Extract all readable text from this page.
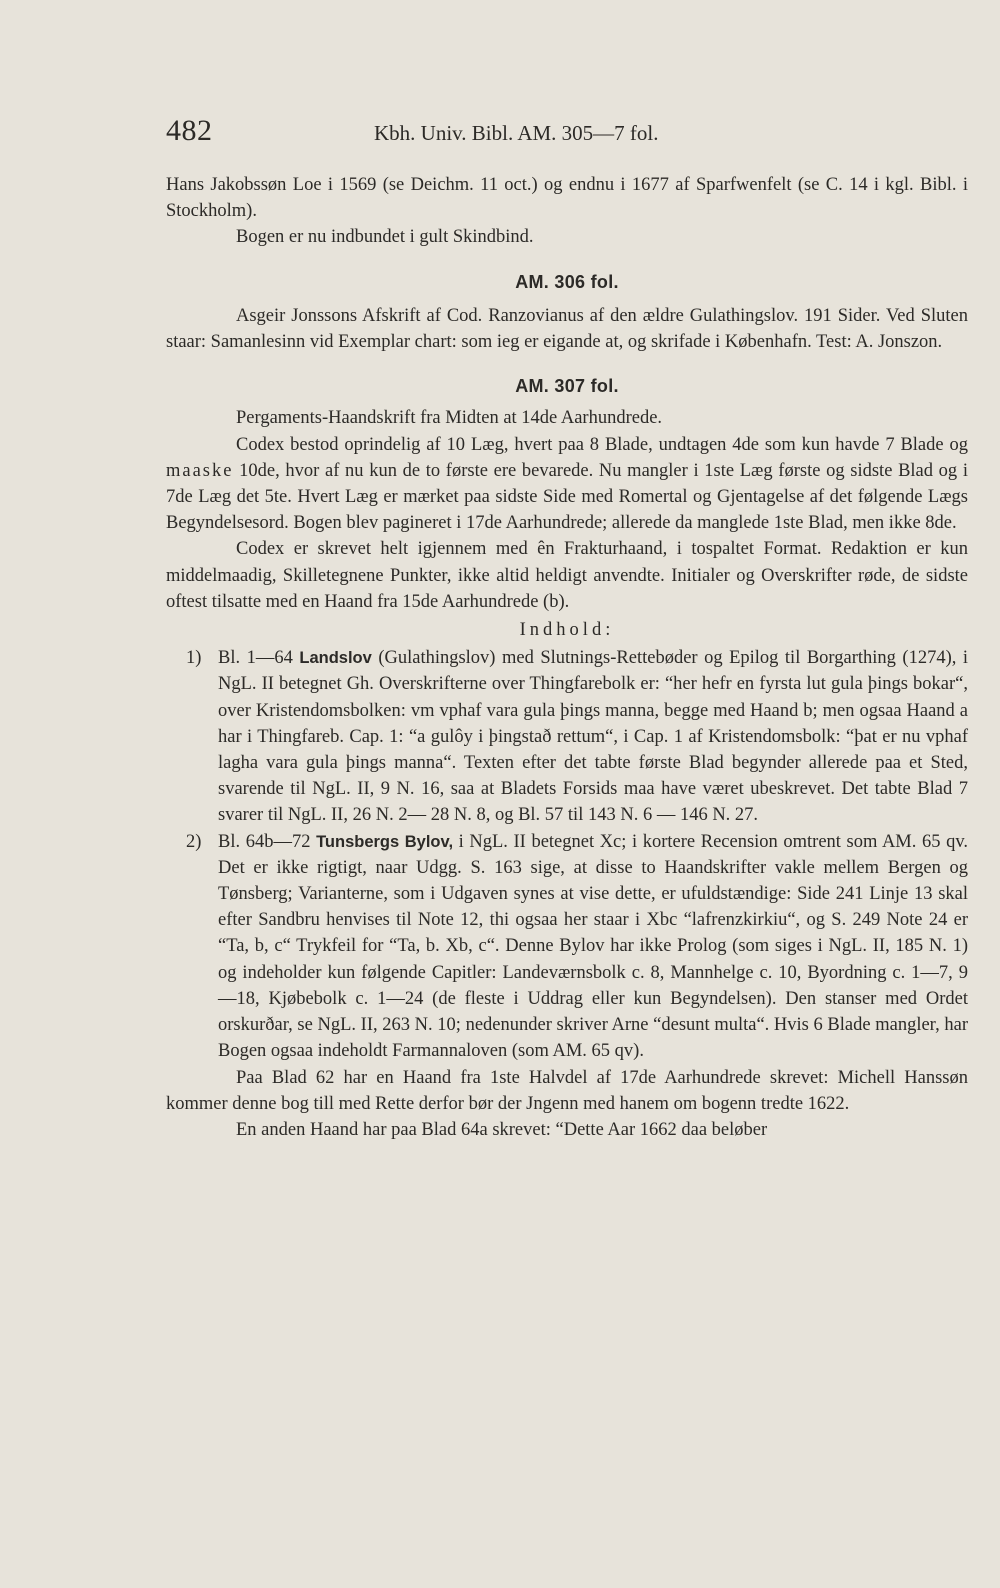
482	Kbh. Univ. Bibl. AM. 305—7 fol.

Hans Jakobssøn Loe i 1569 (se Deichm. 11 oct.) og endnu i 1677 af Sparfwenfelt (se C. 14 i kgl. Bibl. i Stockholm).

Bogen er nu indbundet i gult Skindbind.

AM. 306 fol.

Asgeir Jonssons Afskrift af Cod. Ranzovianus af den ældre Gulathingslov. 191 Sider. Ved Sluten staar: Samanlesinn vid Exemplar chart: som ieg er eigande at, og skrifade i Københafn. Test: A. Jonszon.

AM. 307 fol.

Pergaments-Haandskrift fra Midten at 14de Aarhundrede.

Codex bestod oprindelig af 10 Læg, hvert paa 8 Blade, undtagen 4de som kun havde 7 Blade og maaske 10de, hvor af nu kun de to første ere bevarede. Nu mangler i 1ste Læg første og sidste Blad og i 7de Læg det 5te. Hvert Læg er mærket paa sidste Side med Romertal og Gjentagelse af det følgende Lægs Begyndelsesord. Bogen blev pagineret i 17de Aarhundrede; allerede da manglede 1ste Blad, men ikke 8de.

Codex er skrevet helt igjennem med ên Frakturhaand, i tospaltet Format. Redaktion er kun middelmaadig, Skilletegnene Punkter, ikke altid heldigt anvendte. Initialer og Overskrifter røde, de sidste oftest tilsatte med en Haand fra 15de Aarhundrede (b).

Indhold:
1) Bl. 1—64 Landslov (Gulathingslov) med Slutnings-Rettebøder og Epilog til Borgarthing (1274), i NgL. II betegnet Gh. Overskrifterne over Thingfarebolk er: “her hefr en fyrsta lut gula þings bokar“, over Kristendomsbolken: vm vphaf vara gula þings manna, begge med Haand b; men ogsaa Haand a har i Thingfareb. Cap. 1: “a gulôy i þingstað rettum“, i Cap. 1 af Kristendomsbolk: “þat er nu vphaf lagha vara gula þings manna“. Texten efter det tabte første Blad begynder allerede paa et Sted, svarende til NgL. II, 9 N. 16, saa at Bladets Forsids maa have været ubeskrevet. Det tabte Blad 7 svarer til NgL. II, 26 N. 2— 28 N. 8, og Bl. 57 til 143 N. 6 — 146 N. 27.
2) Bl. 64b—72 Tunsbergs Bylov, i NgL. II betegnet Xc; i kortere Recension omtrent som AM. 65 qv. Det er ikke rigtigt, naar Udgg. S. 163 sige, at disse to Haandskrifter vakle mellem Bergen og Tønsberg; Varianterne, som i Udgaven synes at vise dette, er ufuldstændige: Side 241 Linje 13 skal efter Sandbru henvises til Note 12, thi ogsaa her staar i Xbc “lafrenzkirkiu“, og S. 249 Note 24 er “Ta, b, c“ Trykfeil for “Ta, b. Xb, c“. Denne Bylov har ikke Prolog (som siges i NgL. II, 185 N. 1) og indeholder kun følgende Capitler: Landeværnsbolk c. 8, Mannhelge c. 10, Byordning c. 1—7, 9—18, Kjøbebolk c. 1—24 (de fleste i Uddrag eller kun Begyndelsen). Den stanser med Ordet orskurðar, se NgL. II, 263 N. 10; nedenunder skriver Arne “desunt multa“. Hvis 6 Blade mangler, har Bogen ogsaa indeholdt Farmannaloven (som AM. 65 qv).

Paa Blad 62 har en Haand fra 1ste Halvdel af 17de Aarhundrede skrevet: Michell Hanssøn kommer denne bog till med Rette derfor bør der Jngenn med hanem om bogenn tredte 1622.

En anden Haand har paa Blad 64a skrevet: “Dette Aar 1662 daa beløber
